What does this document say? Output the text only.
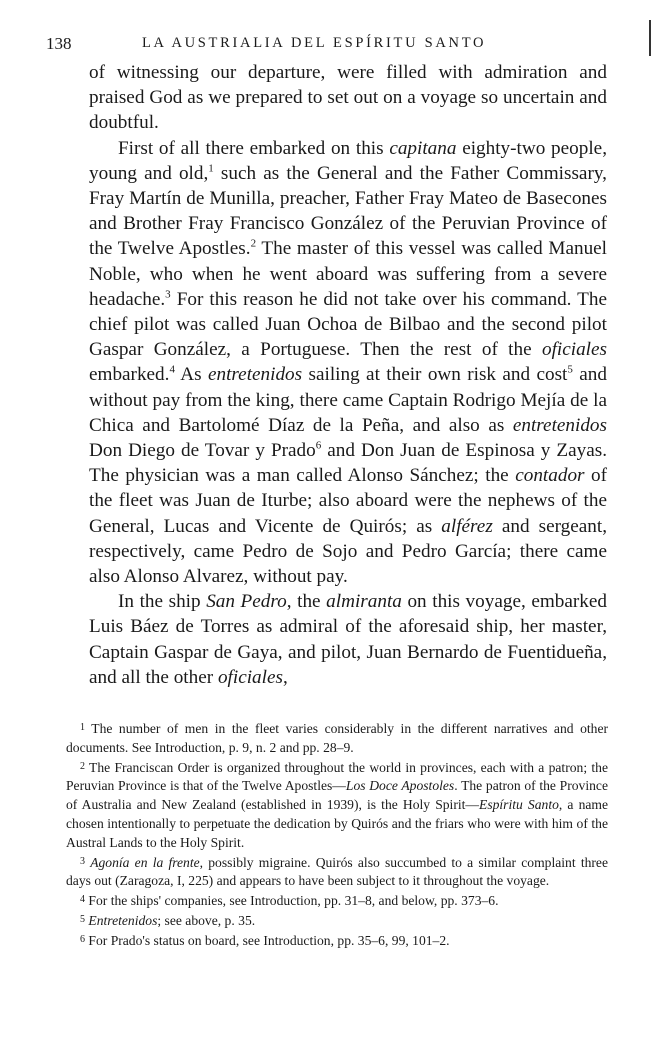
138	LA AUSTRIALIA DEL ESPÍRITU SANTO

of witnessing our departure, were filled with admiration and praised God as we prepared to set out on a voyage so uncertain and doubtful.

First of all there embarked on this capitana eighty-two people, young and old,$^1$ such as the General and the Father Commissary, Fray Martín de Munilla, preacher, Father Fray Mateo de Basecones and Brother Fray Francisco González of the Peruvian Province of the Twelve Apostles.$^2$ The master of this vessel was called Manuel Noble, who when he went aboard was suffering from a severe headache.$^3$ For this reason he did not take over his command. The chief pilot was called Juan Ochoa de Bilbao and the second pilot Gaspar González, a Portuguese. Then the rest of the oficiales embarked.$^4$ As entretenidos sailing at their own risk and cost$^5$ and without pay from the king, there came Captain Rodrigo Mejía de la Chica and Bartolomé Díaz de la Peña, and also as entretenidos Don Diego de Tovar y Prado$^6$ and Don Juan de Espinosa y Zayas. The physician was a man called Alonso Sánchez; the contador of the fleet was Juan de Iturbe; also aboard were the nephews of the General, Lucas and Vicente de Quirós; as alférez and sergeant, respectively, came Pedro de Sojo and Pedro García; there came also Alonso Alvarez, without pay.

In the ship San Pedro, the almiranta on this voyage, embarked Luis Báez de Torres as admiral of the aforesaid ship, her master, Captain Gaspar de Gaya, and pilot, Juan Bernardo de Fuentidueña, and all the other oficiales,

$^1$ The number of men in the fleet varies considerably in the different narratives and other documents. See Introduction, p. 9, n. 2 and pp. 28–9.

$^2$ The Franciscan Order is organized throughout the world in provinces, each with a patron; the Peruvian Province is that of the Twelve Apostles—Los Doce Apostoles. The patron of the Province of Australia and New Zealand (established in 1939), is the Holy Spirit—Espíritu Santo, a name chosen intentionally to perpetuate the dedication by Quirós and the friars who were with him of the Austral Lands to the Holy Spirit.

$^3$ Agonía en la frente, possibly migraine. Quirós also succumbed to a similar complaint three days out (Zaragoza, I, 225) and appears to have been subject to it throughout the voyage.

$^4$ For the ships' companies, see Introduction, pp. 31–8, and below, pp. 373–6.

$^5$ Entretenidos; see above, p. 35.

$^6$ For Prado's status on board, see Introduction, pp. 35–6, 99, 101–2.
